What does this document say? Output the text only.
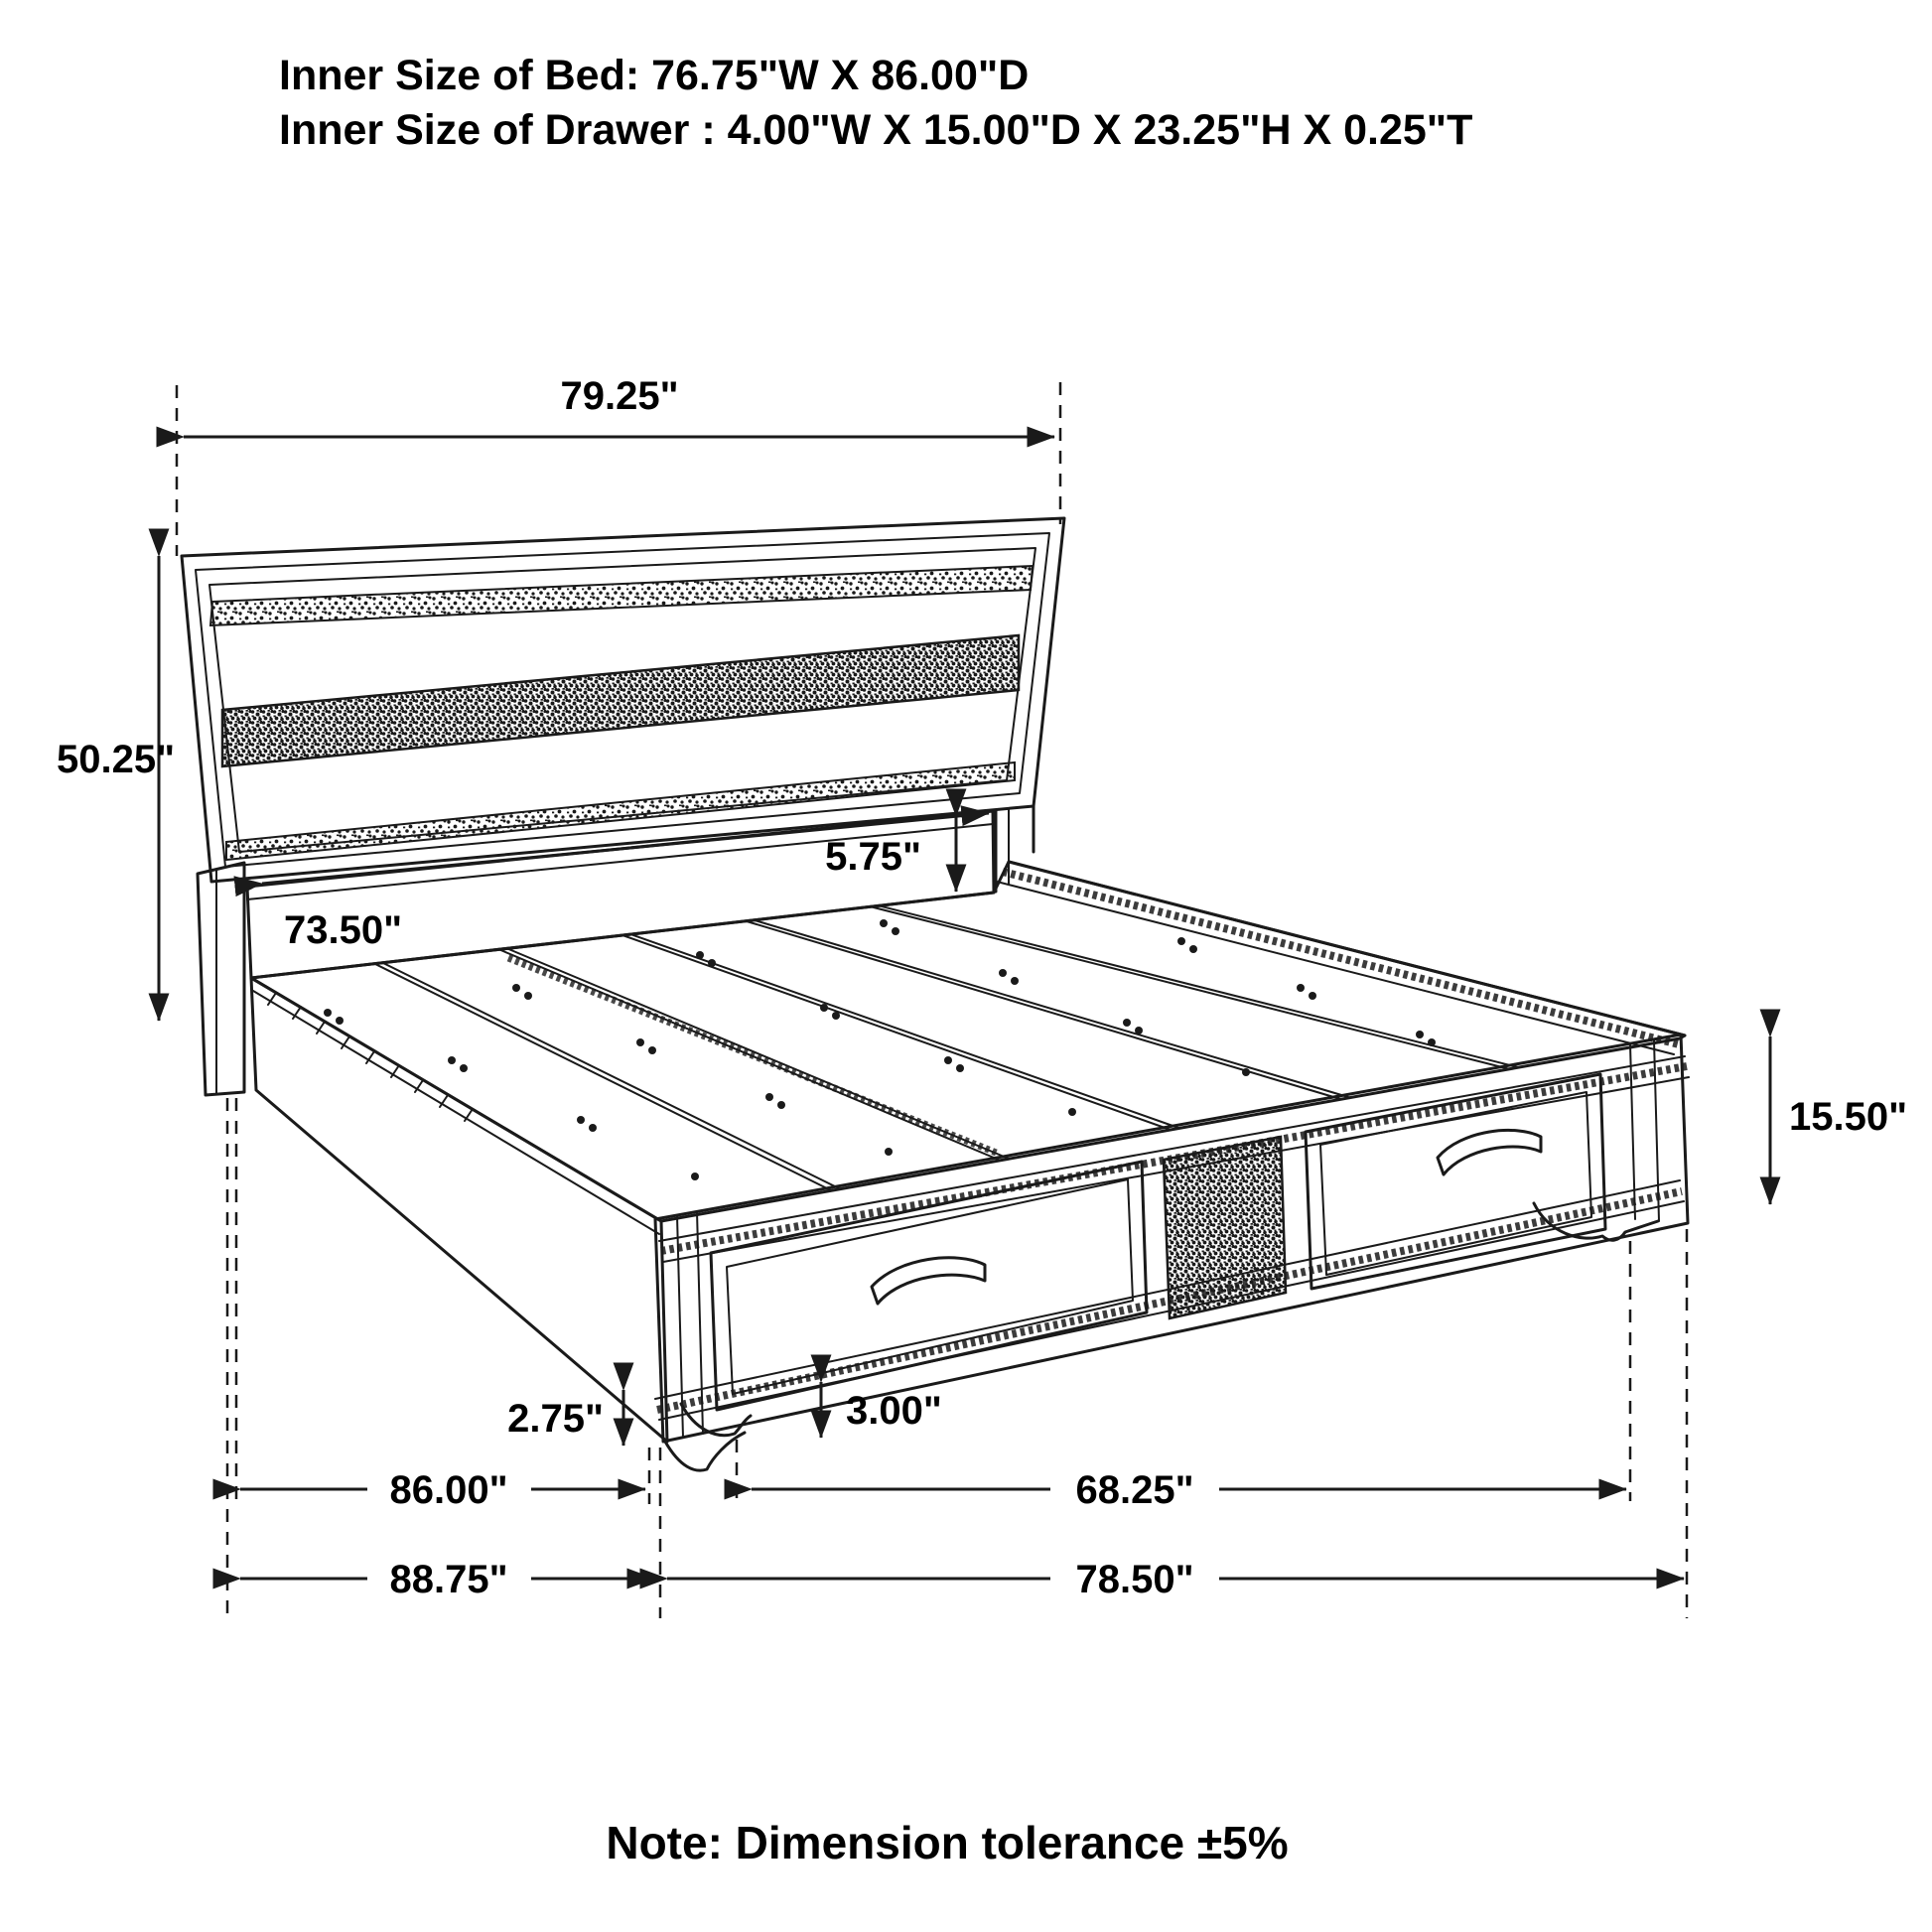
Inner Size of Bed: 76.75"W X 86.00"D
Inner Size of Drawer : 4.00"W X 15.00"D X 23.25"H X 0.25"T
79.25"
50.25"
73.50"
5.75"
15.50"
2.75"	3.00"
86.00"	68.25"
88.75"	78.50"
Note: Dimension tolerance ±5%
